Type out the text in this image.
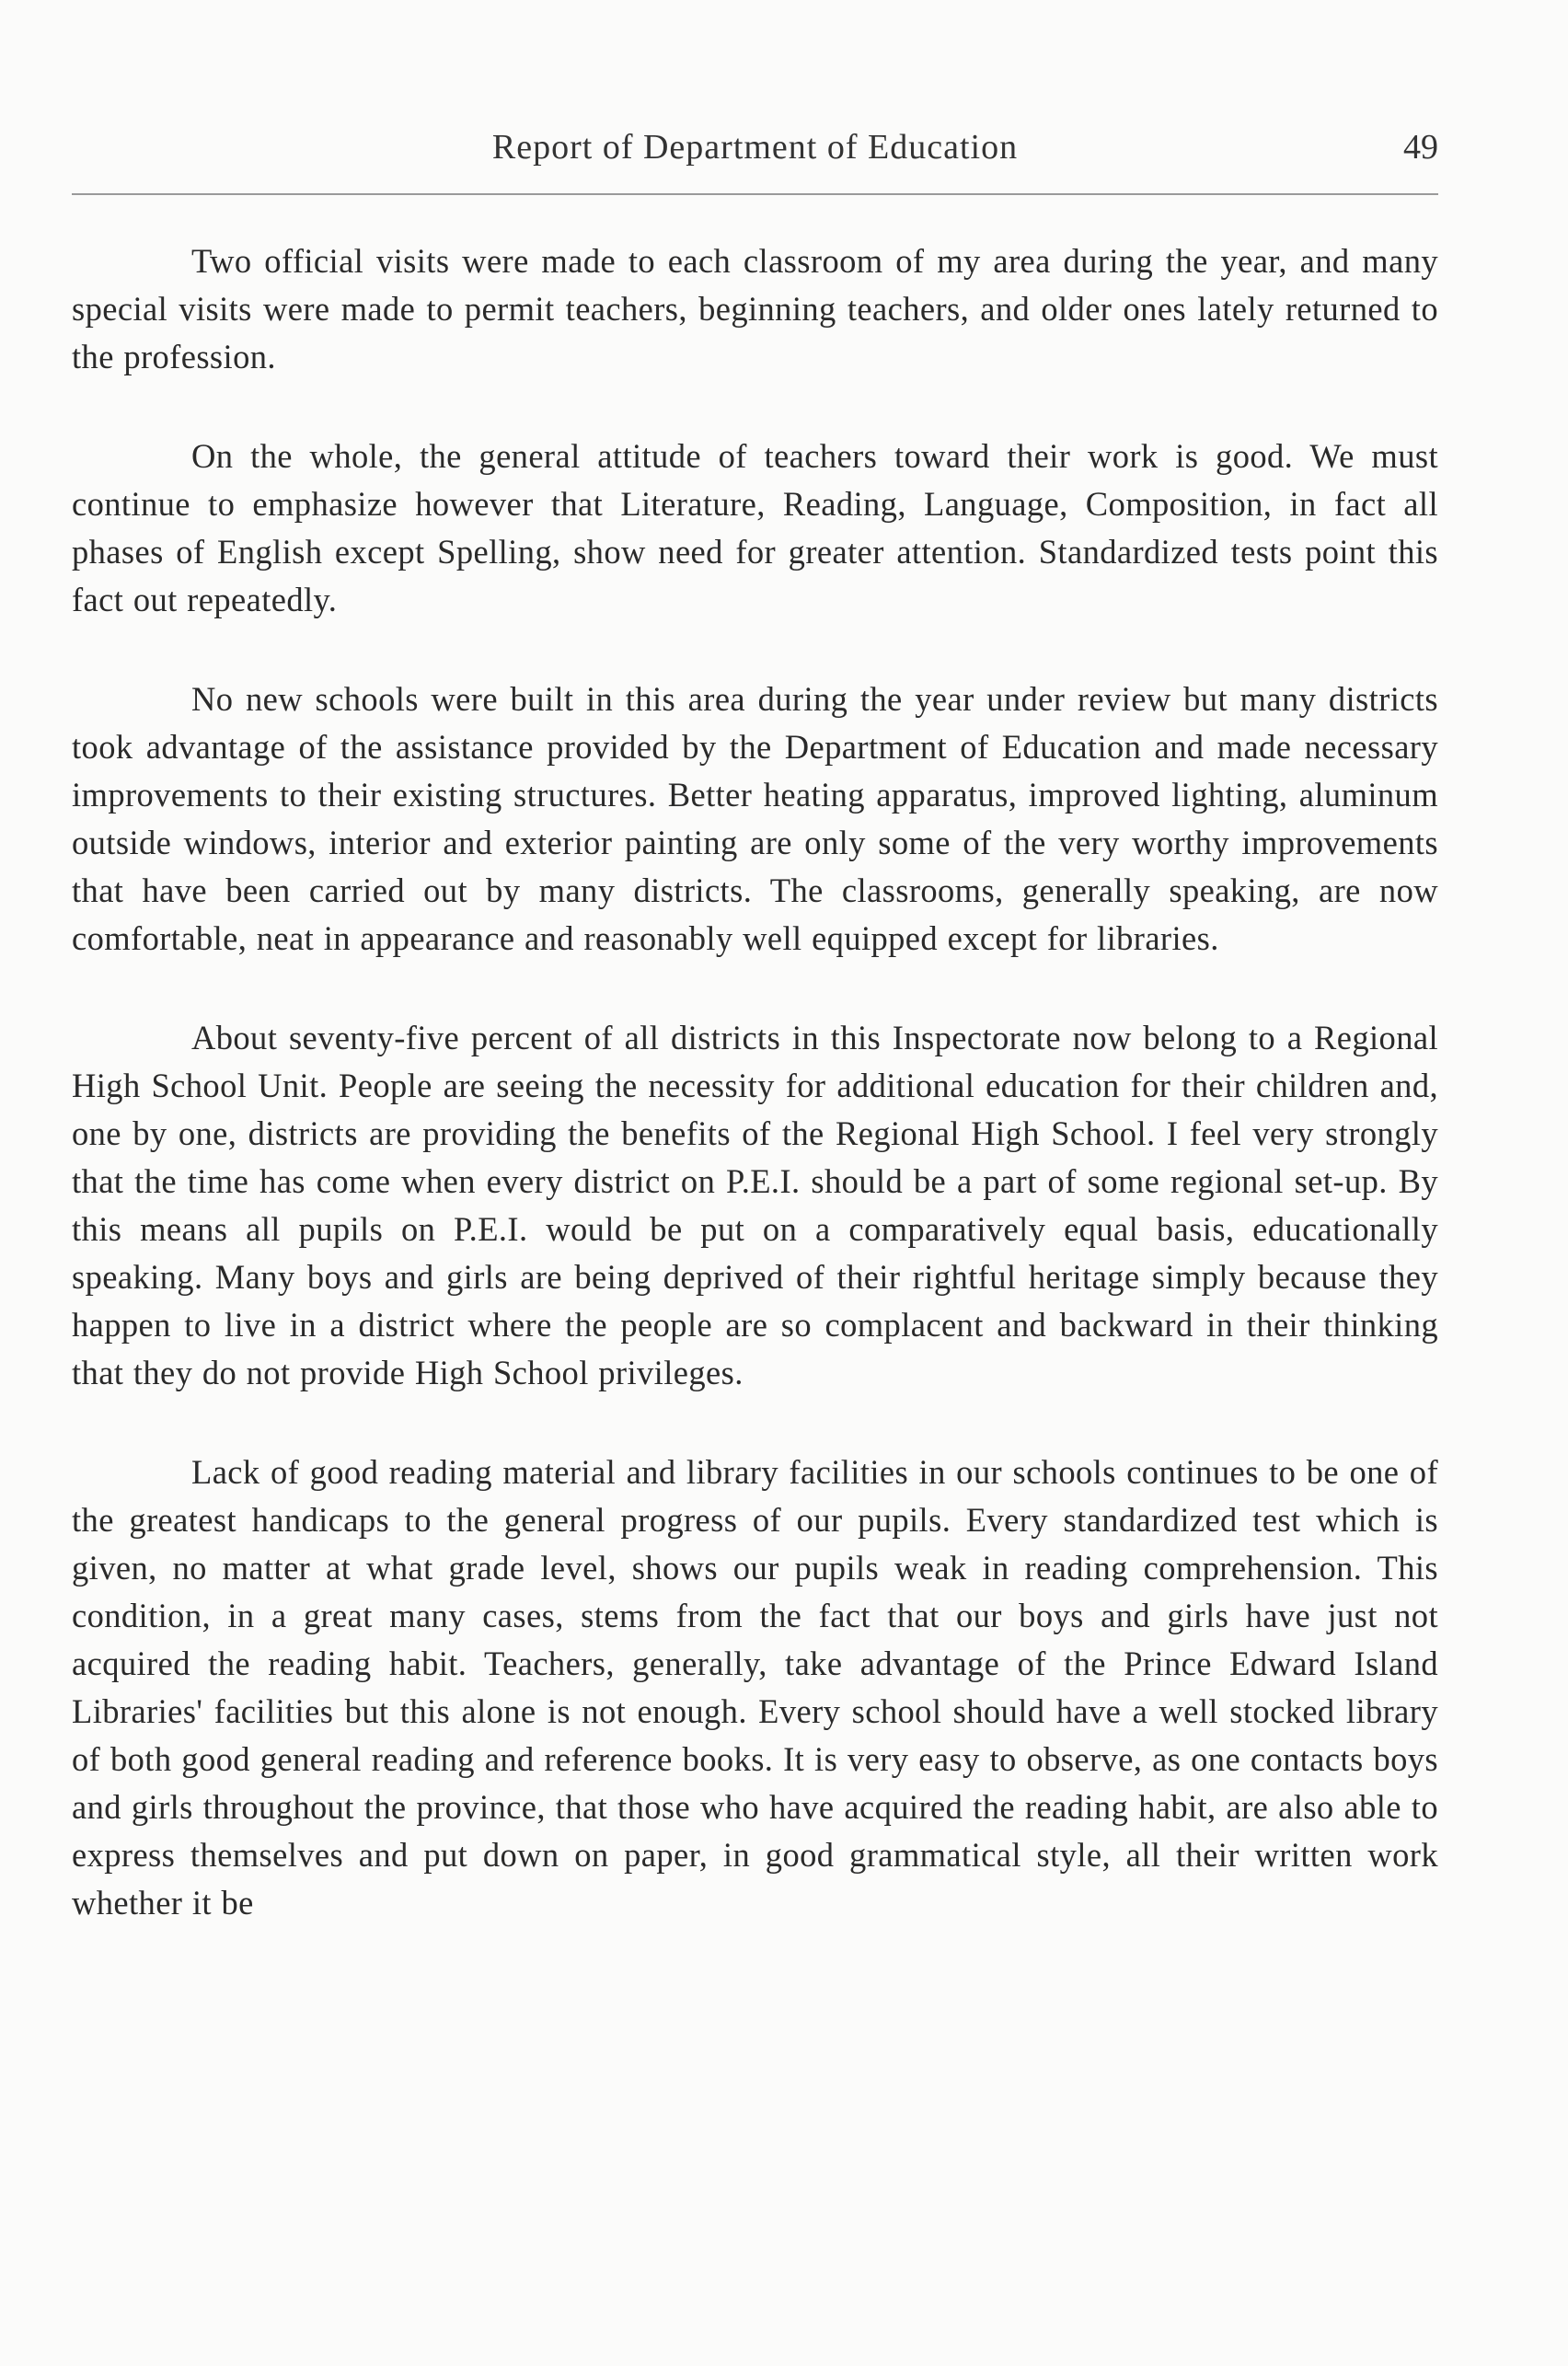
Report of Department of Education	49

Two official visits were made to each classroom of my area during the year, and many special visits were made to permit teachers, beginning teachers, and older ones lately returned to the profession.

On the whole, the general attitude of teachers toward their work is good. We must continue to emphasize however that Literature, Reading, Language, Composition, in fact all phases of English except Spelling, show need for greater attention. Standardized tests point this fact out repeatedly.

No new schools were built in this area during the year under review but many districts took advantage of the assistance provided by the Department of Education and made necessary improvements to their existing structures. Better heating apparatus, improved lighting, aluminum outside windows, interior and exterior painting are only some of the very worthy improvements that have been carried out by many districts. The classrooms, generally speaking, are now comfortable, neat in appearance and reasonably well equipped except for libraries.

About seventy-five percent of all districts in this Inspectorate now belong to a Regional High School Unit. People are seeing the necessity for additional education for their children and, one by one, districts are providing the benefits of the Regional High School. I feel very strongly that the time has come when every district on P.E.I. should be a part of some regional set-up. By this means all pupils on P.E.I. would be put on a comparatively equal basis, educationally speaking. Many boys and girls are being deprived of their rightful heritage simply because they happen to live in a district where the people are so complacent and backward in their thinking that they do not provide High School privileges.

Lack of good reading material and library facilities in our schools continues to be one of the greatest handicaps to the general progress of our pupils. Every standardized test which is given, no matter at what grade level, shows our pupils weak in reading comprehension. This condition, in a great many cases, stems from the fact that our boys and girls have just not acquired the reading habit. Teachers, generally, take advantage of the Prince Edward Island Libraries' facilities but this alone is not enough. Every school should have a well stocked library of both good general reading and reference books. It is very easy to observe, as one contacts boys and girls throughout the province, that those who have acquired the reading habit, are also able to express themselves and put down on paper, in good grammatical style, all their written work whether it be
